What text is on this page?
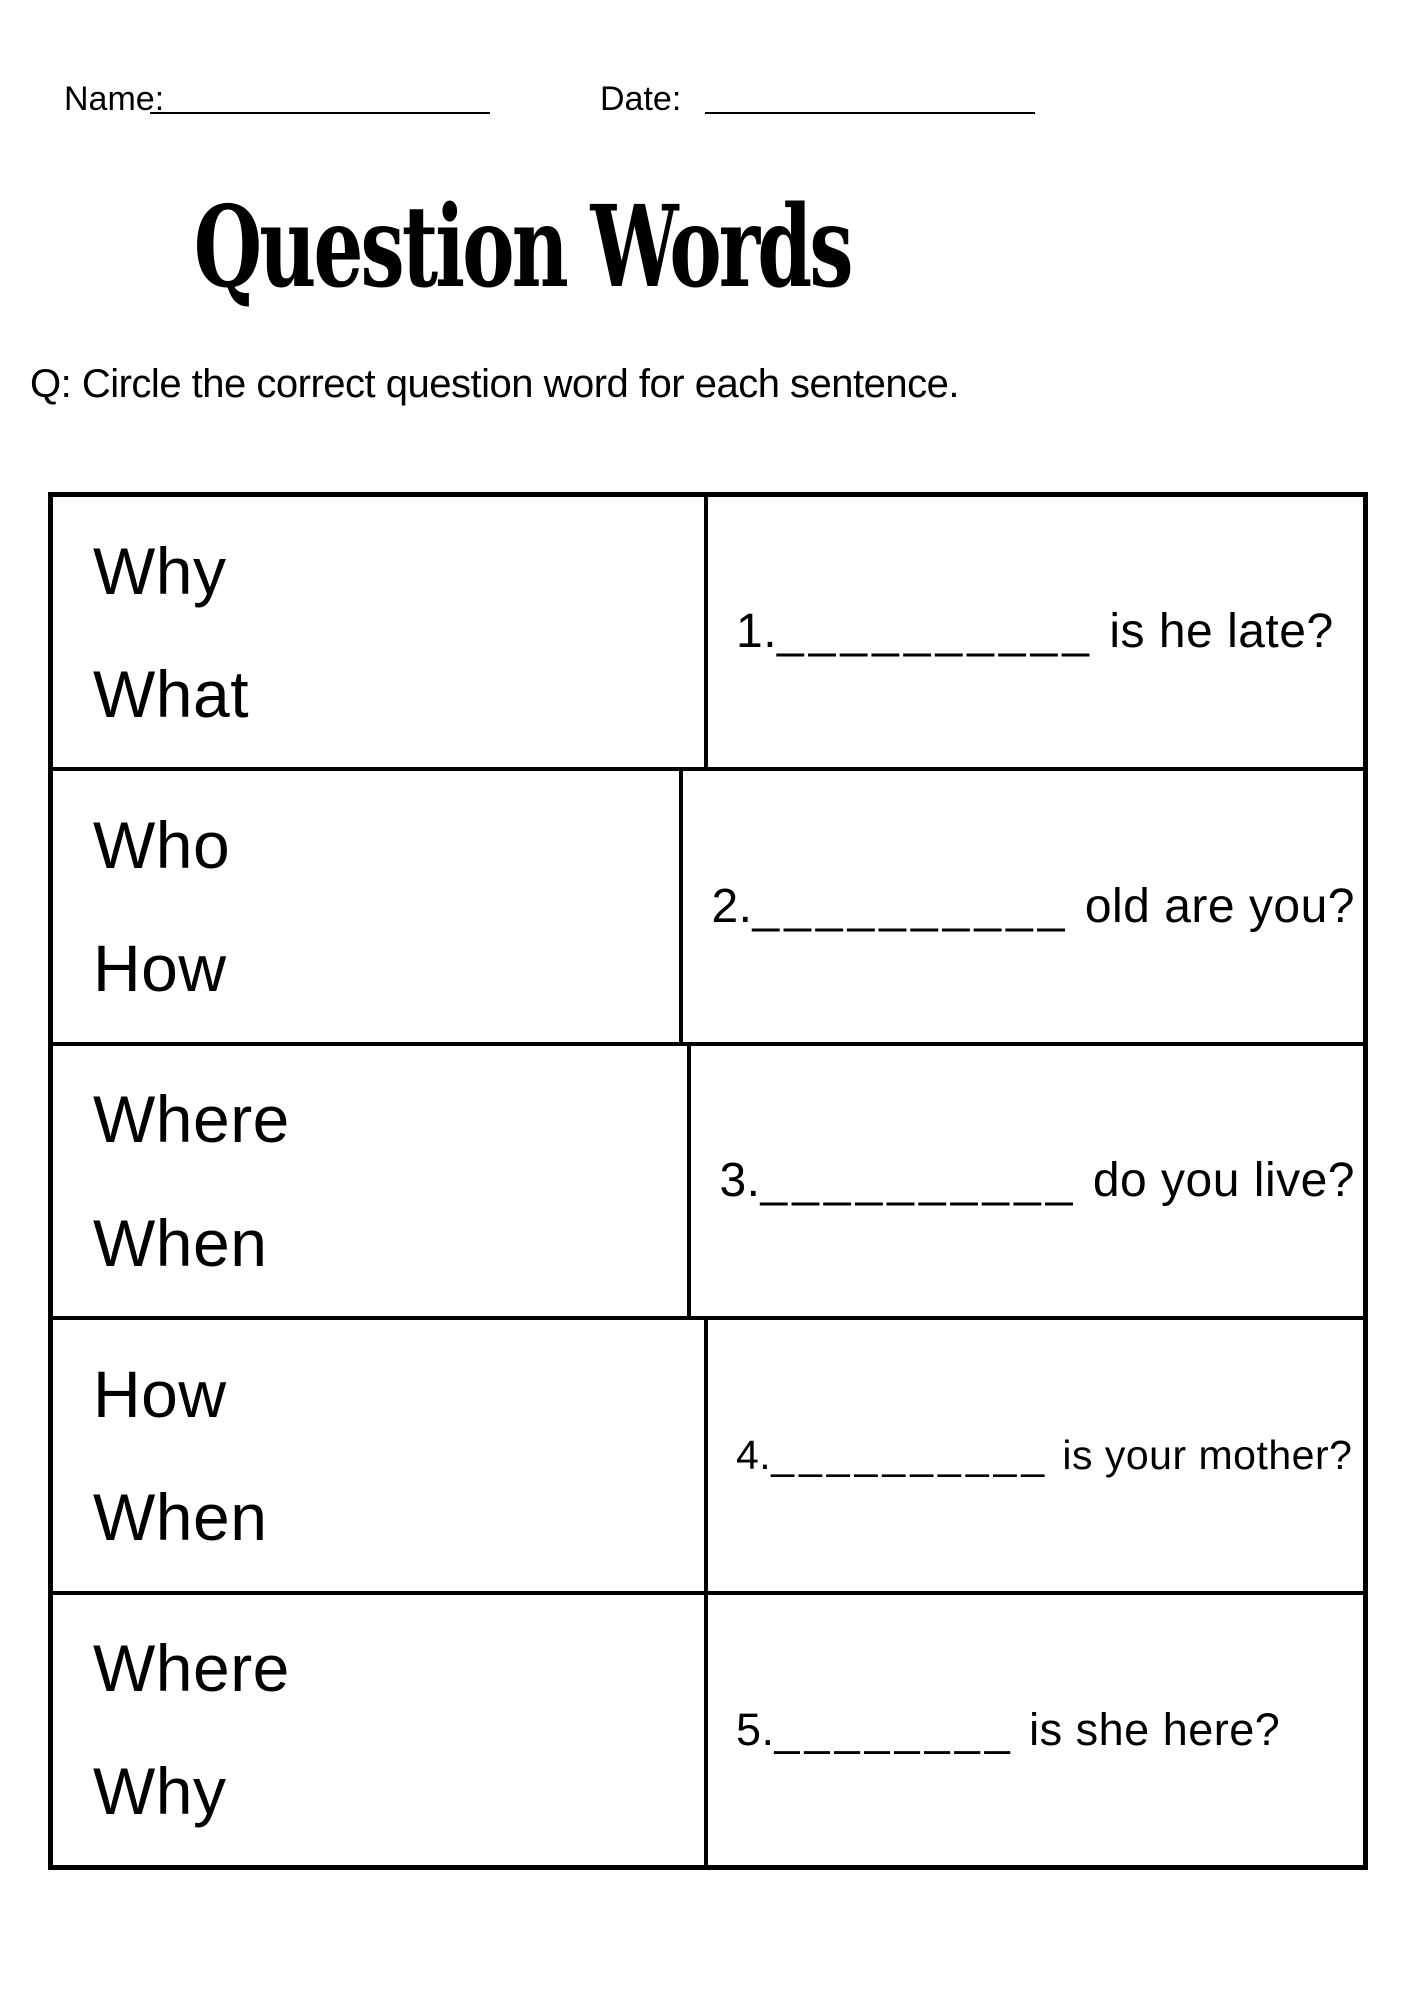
Name:	Date:
Question Words
Q: Circle the correct question word for each sentence.
Why
What
1.__________ is he late?
Who
How
2.__________ old are you?
Where
When
3.__________ do you live?
How
When
4.__________ is your mother?
Where
Why
5.________ is she here?
